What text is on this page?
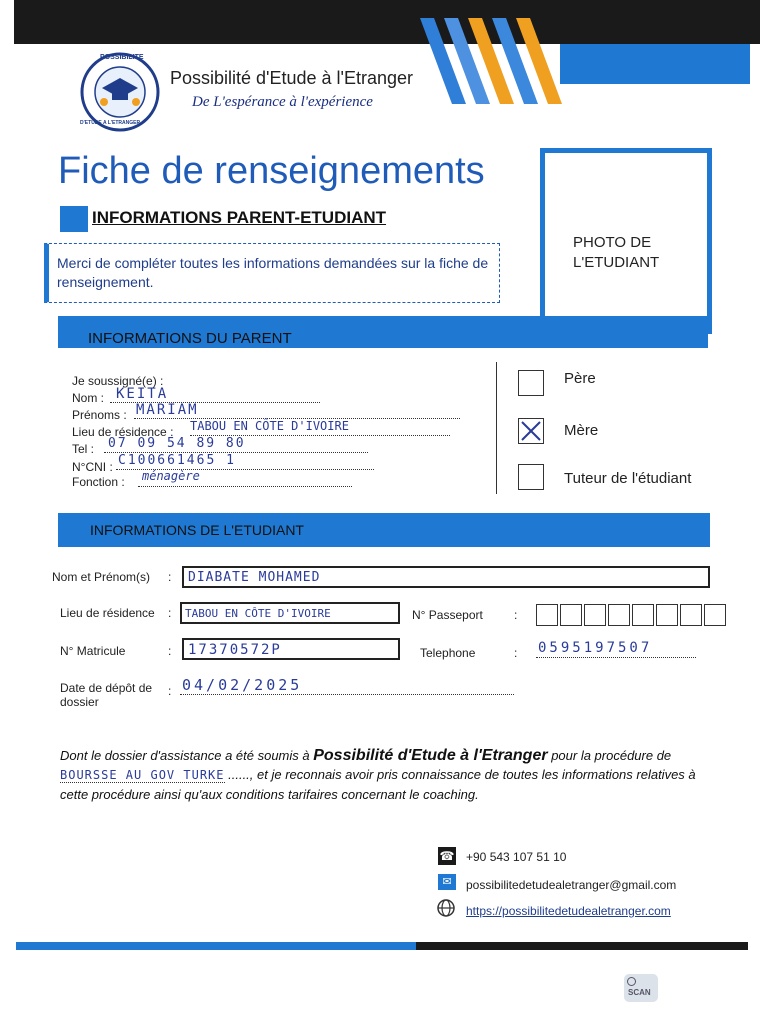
POSSIBILITE
D'ETUDE A L'ETRANGER
Possibilité d'Etude à l'Etranger
De L'espérance à l'expérience
Fiche de renseignements
INFORMATIONS PARENT-ETUDIANT
Merci de compléter toutes les informations demandées sur la fiche de renseignement.
PHOTO DE L'ETUDIANT
INFORMATIONS DU PARENT
Je soussigné(e) :
Nom : KEITA
Prénoms : MARIAM
Lieu de résidence : TABOU EN CÔTE D'IVOIRE
Tel : 07 09 54 89 80
N°CNI : C100661465 1
Fonction : ménagère
Père
Mère
Tuteur de l'étudiant
INFORMATIONS DE L'ETUDIANT
Nom et Prénom(s) : DIABATE MOHAMED
Lieu de résidence : TABOU EN CÔTE D'IVOIRE	N° Passeport	:
N° Matricule	: 17370572P	Telephone	: 0595197507
Date de dépôt de dossier
: 04/02/2025
Dont le dossier d'assistance a été soumis à Possibilité d'Etude à l'Etranger pour la procédure de BOURSSE AU GOV TURKE ......, et je reconnais avoir pris connaissance de toutes les informations relatives à cette procédure ainsi qu'aux conditions tarifaires concernant le coaching.
☎ +90 543 107 51 10
✉	possibilitedetudealetranger@gmail.com
https://possibilitedetudealetranger.com
SCAN
